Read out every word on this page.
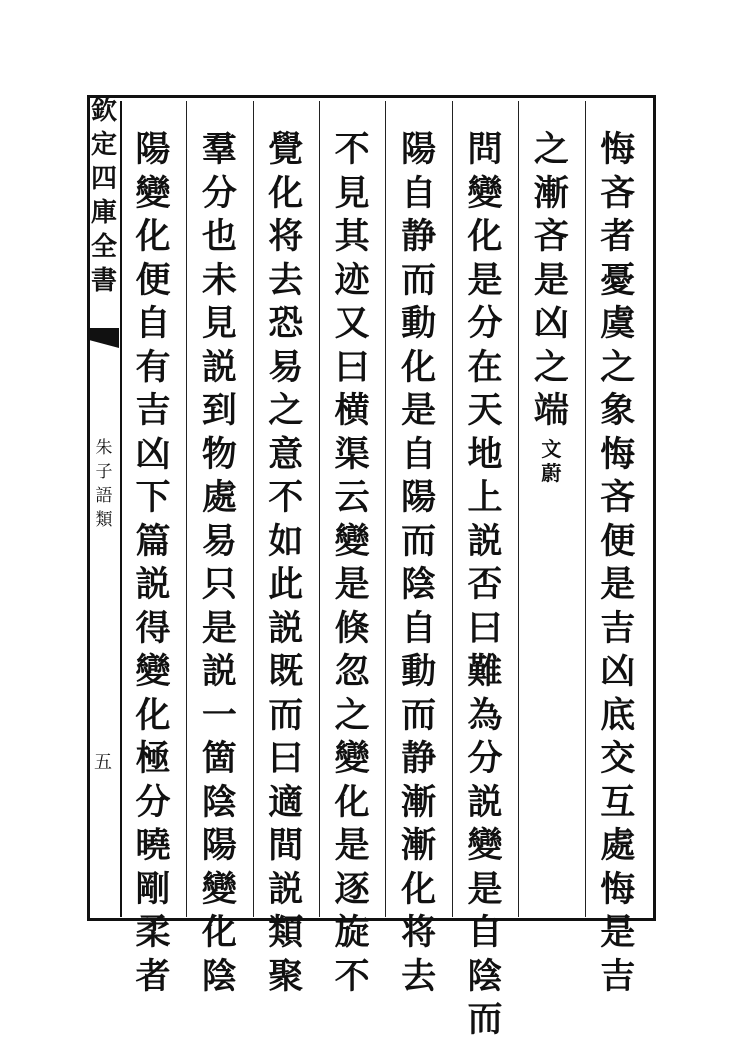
欽
定
四
庫
全
書
朱
子
語
類
五
悔
吝
者
憂
虞
之
象
悔
吝
便
是
吉
凶
底
交
互
處
悔
是
吉
之
漸
吝
是
凶
之
端
文
蔚
問
變
化
是
分
在
天
地
上
説
否
曰
難
為
分
説
變
是
自
陰
而
陽
自
静
而
動
化
是
自
陽
而
陰
自
動
而
静
漸
漸
化
将
去
不
見
其
迹
又
曰
横
渠
云
變
是
倏
忽
之
變
化
是
逐
旋
不
覺
化
将
去
恐
易
之
意
不
如
此
説
既
而
曰
適
間
説
類
聚
羣
分
也
未
見
説
到
物
處
易
只
是
説
一
箇
陰
陽
變
化
陰
陽
變
化
便
自
有
吉
凶
下
篇
説
得
變
化
極
分
曉
剛
柔
者
